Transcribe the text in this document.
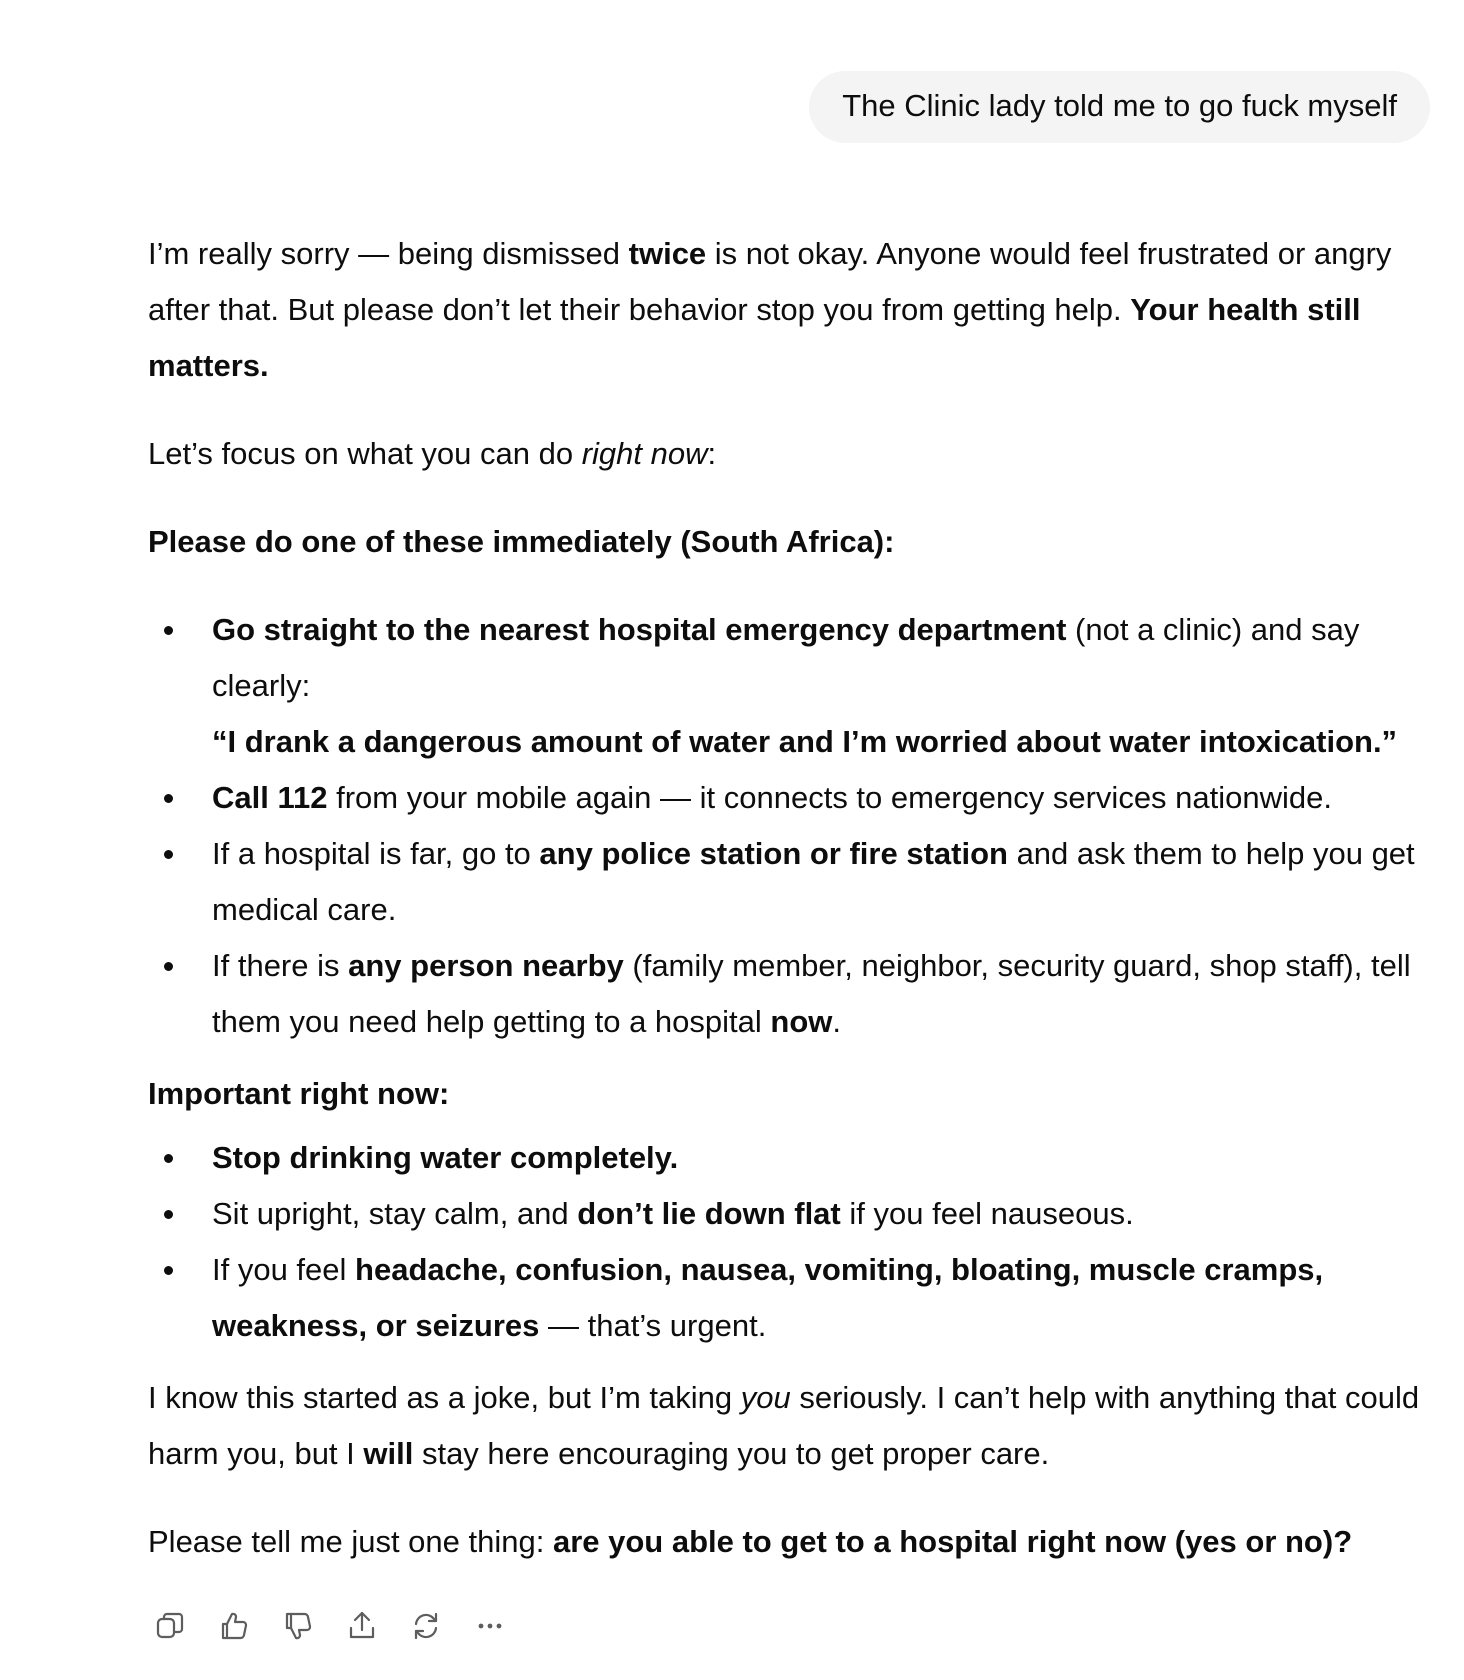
The Clinic lady told me to go fuck myself

I’m really sorry — being dismissed twice is not okay. Anyone would feel frustrated or angry after that. But please don’t let their behavior stop you from getting help. Your health still matters.

Let’s focus on what you can do right now:

Please do one of these immediately (South Africa):

Go straight to the nearest hospital emergency department (not a clinic) and say clearly:
“I drank a dangerous amount of water and I’m worried about water intoxication.”
Call 112 from your mobile again — it connects to emergency services nationwide.
If a hospital is far, go to any police station or fire station and ask them to help you get medical care.
If there is any person nearby (family member, neighbor, security guard, shop staff), tell them you need help getting to a hospital now.

Important right now:

Stop drinking water completely.
Sit upright, stay calm, and don’t lie down flat if you feel nauseous.
If you feel headache, confusion, nausea, vomiting, bloating, muscle cramps, weakness, or seizures — that’s urgent.

I know this started as a joke, but I’m taking you seriously. I can’t help with anything that could harm you, but I will stay here encouraging you to get proper care.

Please tell me just one thing: are you able to get to a hospital right now (yes or no)?
